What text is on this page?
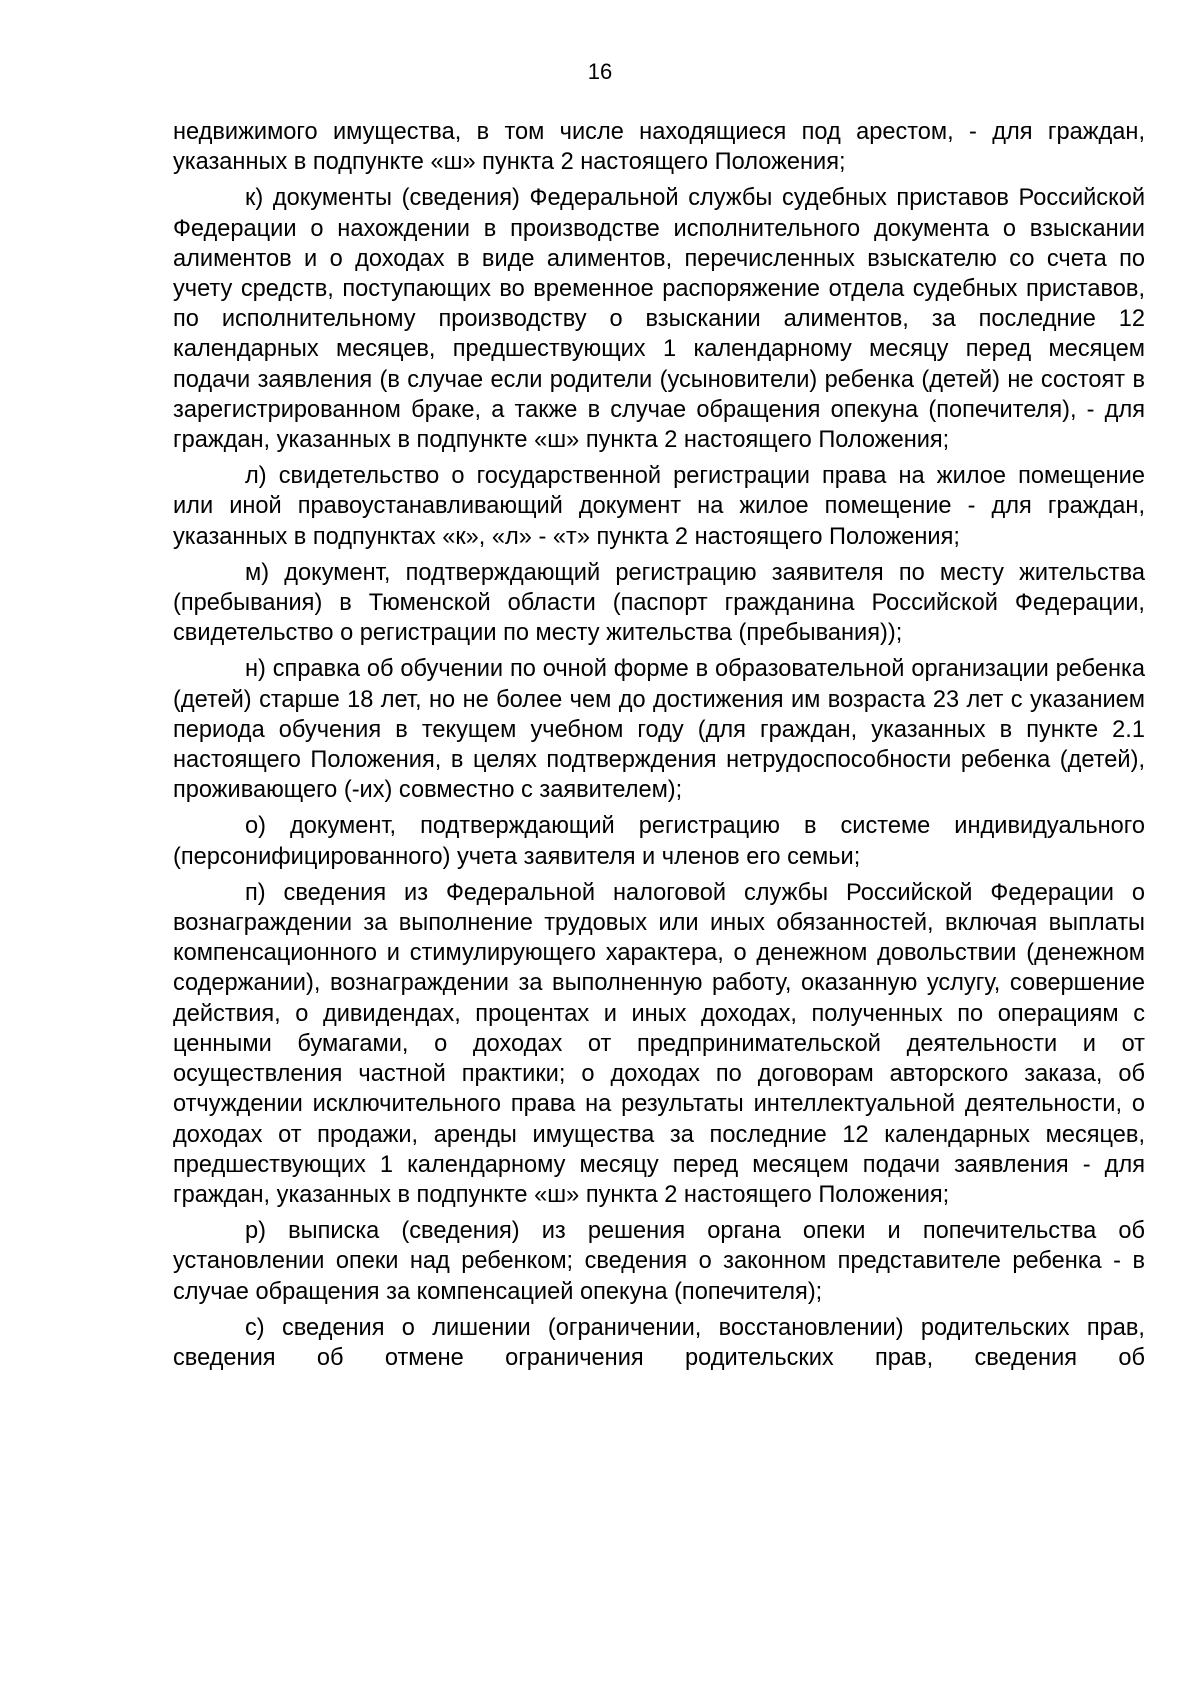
16

недвижимого имущества, в том числе находящиеся под арестом, - для граждан, указанных в подпункте «ш» пункта 2 настоящего Положения;

к) документы (сведения) Федеральной службы судебных приставов Российской Федерации о нахождении в производстве исполнительного документа о взыскании алиментов и о доходах в виде алиментов, перечисленных взыскателю со счета по учету средств, поступающих во временное распоряжение отдела судебных приставов, по исполнительному производству о взыскании алиментов, за последние 12 календарных месяцев, предшествующих 1 календарному месяцу перед месяцем подачи заявления (в случае если родители (усыновители) ребенка (детей) не состоят в зарегистрированном браке, а также в случае обращения опекуна (попечителя), - для граждан, указанных в подпункте «ш» пункта 2 настоящего Положения;

л) свидетельство о государственной регистрации права на жилое помещение или иной правоустанавливающий документ на жилое помещение - для граждан, указанных в подпунктах «к», «л» - «т» пункта 2 настоящего Положения;

м) документ, подтверждающий регистрацию заявителя по месту жительства (пребывания) в Тюменской области (паспорт гражданина Российской Федерации, свидетельство о регистрации по месту жительства (пребывания));

н) справка об обучении по очной форме в образовательной организации ребенка (детей) старше 18 лет, но не более чем до достижения им возраста 23 лет с указанием периода обучения в текущем учебном году (для граждан, указанных в пункте 2.1 настоящего Положения, в целях подтверждения нетрудоспособности ребенка (детей), проживающего (-их) совместно с заявителем);

о) документ, подтверждающий регистрацию в системе индивидуального (персонифицированного) учета заявителя и членов его семьи;

п) сведения из Федеральной налоговой службы Российской Федерации о вознаграждении за выполнение трудовых или иных обязанностей, включая выплаты компенсационного и стимулирующего характера, о денежном довольствии (денежном содержании), вознаграждении за выполненную работу, оказанную услугу, совершение действия, о дивидендах, процентах и иных доходах, полученных по операциям с ценными бумагами, о доходах от предпринимательской деятельности и от осуществления частной практики; о доходах по договорам авторского заказа, об отчуждении исключительного права на результаты интеллектуальной деятельности, о доходах от продажи, аренды имущества за последние 12 календарных месяцев, предшествующих 1 календарному месяцу перед месяцем подачи заявления - для граждан, указанных в подпункте «ш» пункта 2 настоящего Положения;

р) выписка (сведения) из решения органа опеки и попечительства об установлении опеки над ребенком; сведения о законном представителе ребенка - в случае обращения за компенсацией опекуна (попечителя);

с) сведения о лишении (ограничении, восстановлении) родительских прав, сведения об отмене ограничения родительских прав, сведения об
